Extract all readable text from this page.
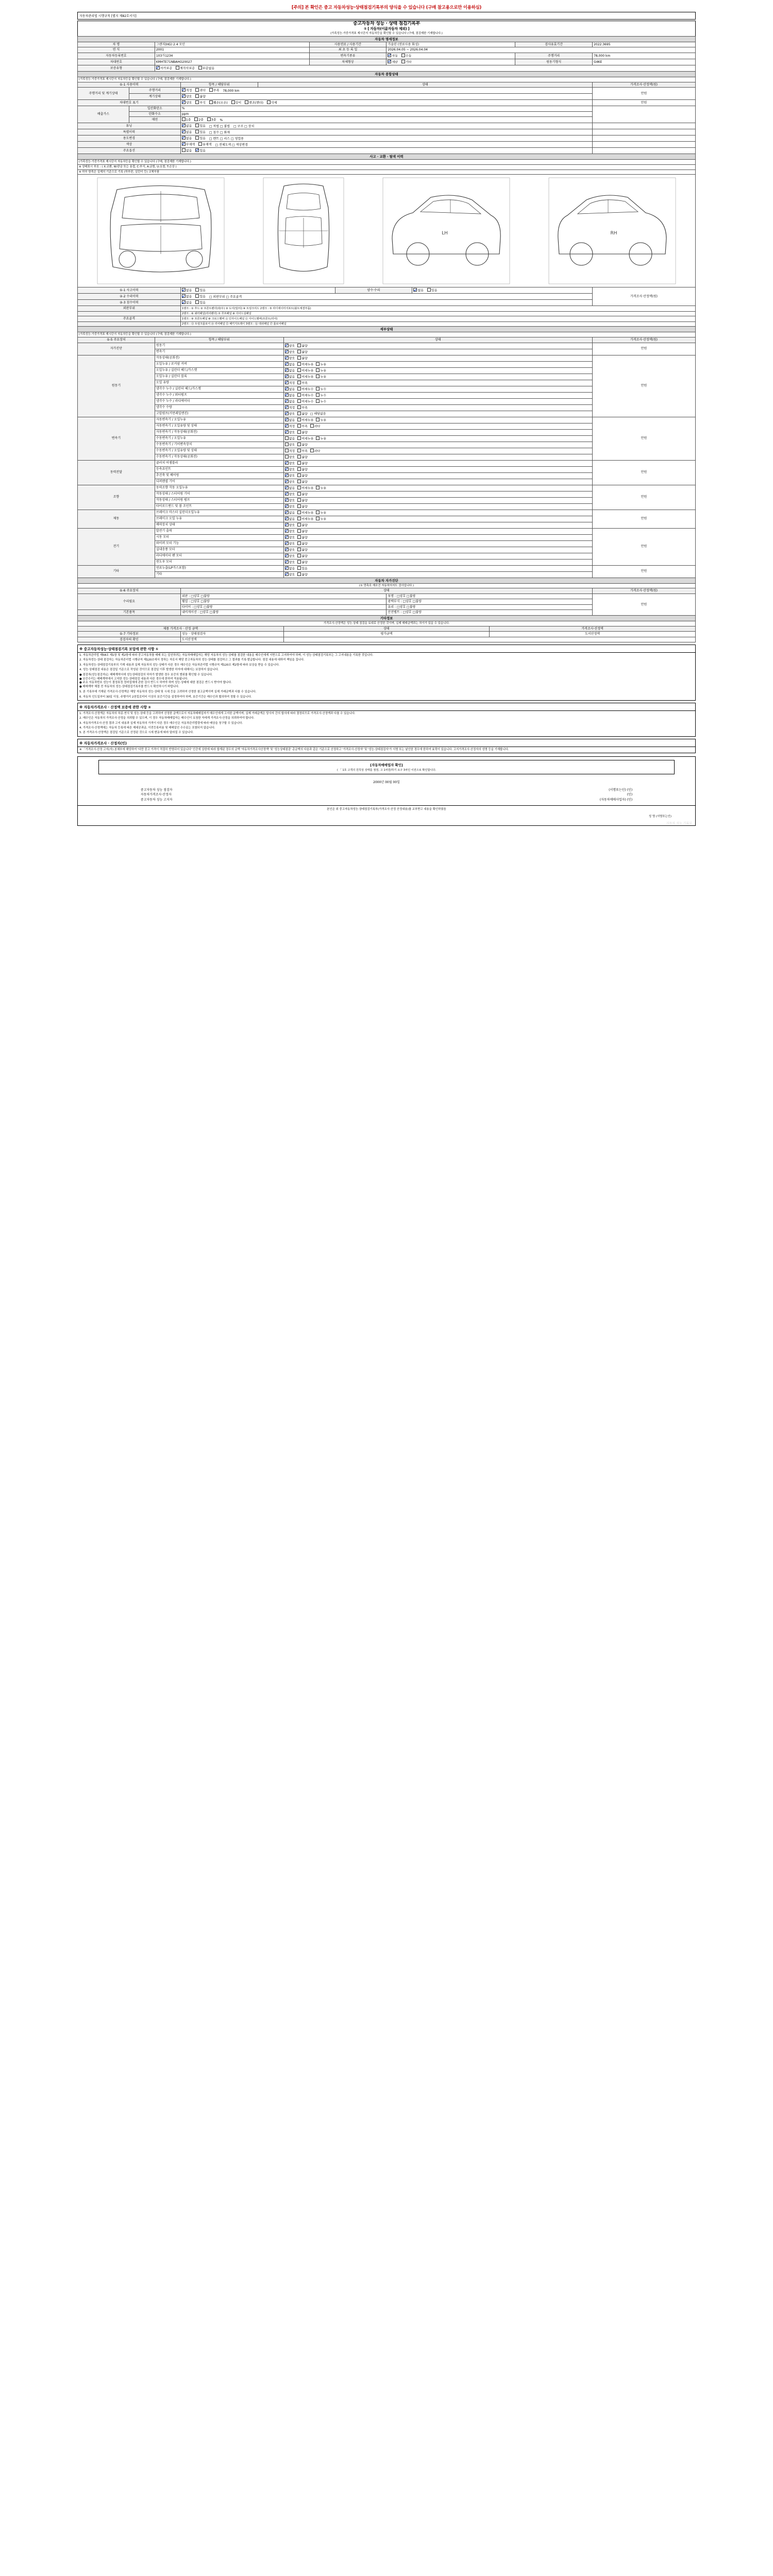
[주의] 본 확인은 중고 자동차성능·상태점검기록부의 양식을 수 있습니다 (구매 참고용으로만 이용하심)
자동차관리법 시행규칙 [별지 제82호서식]
중고자동차 성능 · 상태 점검기록부
① [ 자동차(이륜자동차 제외) ]
(가족성능·가중가격표 제시단지 자동차등을 확인할 수 있습니다 (구매, 점검제한 기재합니다.)												

자동차 명세정보												
차 명		그랜저(HG) 2.4 모던				사용연료 / 사용기간		가솔린 (연료사용 화성)			검사유효기간	2022.3695
연 식		2001				최 초 등 록 일		2026.04.05 ~ 2026.04.04				
자동차등록번호		103가1234				변속기종류		자동 수동			주행거리	78,000 km
차대번호		KMHTE71NBAHO20027				차체형상		세단 기타			원동기형식	G4KE
보증유형		자가보증 제작사보증 보증없음										
자동차 종합상태												
(가족성능·가중가격표 제시단지 자동차등을 확인할 수 있습니다 (구매, 점검제한 기재합니다.)												
①-1 사용이력			항목 / 해당부위	상태								가격조사·산정액(원)
주행거리 및 계기상태	주행거리		적정 과다 부족 78,000 km									만원
	계기상태		양호 불량									
차대번호 표기			양호 부식 훼손(오손) 상이 변조(변타) 삭제									만원
배출가스	일산화탄소		%									
	탄화수소		ppm									
	매연		1종 2종 3종 %									
튜닝			없음 있음 □ 적법 □ 불법 □ 구조 □ 장치									
특별이력			없음 있음 □ 침수 □ 화재									
용도변경			없음 있음 □ 렌트 □ 리스 □ 영업용									
색상			무채색 유채색 □ 전체도색 □ 색상변경									
주요옵션			없음 있음									
사고 · 교환 · 탈색 이력												
(가족성능·가중가격표 제시단지 자동차등을 확인할 수 있습니다 (구매, 점검제한 기재합니다.)												
※ 상태표시 부호 : ( X:교환, W:판금 또는 용접, C:부식, A:긁힘, U:요철, T:손상 )												
※ 하부 항목은 실제의 기준으로 기록 (하부판, 실린더 등) 교체부품												

LH RH												

①-1 사고이력			없음 있음				양수·수리		없음 있음			가격조사·산정액(원)
②-2 수리이력			없음 있음 □ 외판부위 □ 주요골격									
②-3 침수이력			없음 있음									
외판부위			1랭크 : ① 후드 ② 프론트펜더(좌/우) ③ 도어(앞/뒤) ④ 트렁크리드 2랭크 : ⑤ 라디에이터서포트(볼트체결부품)									
			2랭크 : ⑥ 쿼터패널(리어펜더) ⑦ 루프패널 ⑧ 사이드실패널									
주요골격			1랭크 : ⑨ 프론트패널 ⑩ 크로스멤버 ⑪ 인사이드패널 ⑫ 사이드멤버(프론트/리어)									
			2랭크 : ⑬ 트렁크플로어 ⑭ 리어패널 ⑮ 패키지트레이 3랭크 : ⑯ 데쉬패널 ⑰ 플로어패널									
세부상태												
(가족성능·가중가격표 제시단지 자동차등을 확인할 수 있습니다 (구매, 점검제한 기재합니다.)												
①-5 주요장치		항목 / 해당부위			상태							가격조사·산정액(원)
자가진단		원동기			양호 불량							만원
		변속기			양호 불량							
원동기		작동상태(공회전)			양호 불량							만원
		오일누유 / 로커암 커버			없음 미세누유 누유							
		오일누유 / 실린더 헤드/가스켓			없음 미세누유 누유							
		오일누유 / 실린더 블록			없음 미세누유 누유							
		오일 유량			적정 부족							
		냉각수 누수 / 실린더 헤드/가스켓			없음 미세누수 누수							
		냉각수 누수 / 워터펌프			없음 미세누수 누수							
		냉각수 누수 / 라디에이터			없음 미세누수 누수							
		냉각수 수량			적정 부족							
		고압펌프(커먼레일엔진)			양호 불량 □ 해당없음							
변속기		자동변속기 / 오일누유			없음 미세누유 누유							만원
		자동변속기 / 오일유량 및 상태			적정 부족 과다							
		자동변속기 / 작동상태(공회전)			양호 불량							
		수동변속기 / 오일누유			없음 미세누유 누유							
		수동변속기 / 기어변속장치			양호 불량							
		수동변속기 / 오일유량 및 상태			적정 부족 과다							
		수동변속기 / 작동상태(공회전)			양호 불량							
동력전달		클러치 어셈블리			양호 불량							만원
		등속죠인트			양호 불량							
		추진축 및 베어링			양호 불량							
		디퍼렌셜 기어			양호 불량							
조향		동력조향 작동 오일누유			없음 미세누유 누유							만원
		작동상태 / 스티어링 기어			양호 불량							
		작동상태 / 스티어링 펌프			양호 불량							
		타이로드엔드 및 볼 조인트			양호 불량							
제동		브레이크 마스터 실린더오일누유			없음 미세누유 누유							만원
		브레이크 오일 누유			없음 미세누유 누유							
		배력장치 상태			양호 불량							
전기		발전기 출력			양호 불량							만원
		시동 모터			양호 불량							
		와이퍼 모터 기능			양호 불량							
		실내송풍 모터			양호 불량							
		라디에이터 팬 모터			양호 불량							
		윈도우 모터			양호 불량							
기타		연료누출(LP가스포함)			없음 있음							만원
		기타			양호 불량							
자동차 자가진단												
(① 망측로 재조건 자동차의지도 검사입니다.)												
①-6 주요장치			상태									가격조사·산정액(원)
수리필요			외판 : □양호 □불량					투명 : □양호 □불량				만원
			휠얼 : □양호 □불량					광택부식 : □양호 □불량				
			타이어 : □양호 □불량					유리 : □양호 □불량				
기본품목			내비게이션 : □양호 □불량					안전벨트 : □양호 □불량				
기타정보												
가격조사·산정액은 성능·상태 점검을 토대로 산정한 것이며, 실제 매매금액과는 차이가 있을 수 있습니다.												
제품 가격조사 · 산정 금액					상태					가격조사·산정액		
①-7 기타정보			성능 · 상태점검자		평가금액					도서산정액		
검검자의 확인			도서산정액									
※ 중고자동차성능·상태점검기록 보업에 관한 사항 ①
1. 자동차관리법 제58조 제1항 및 제2항에 따라 중고자동차를 매매 또는 알선하려는 자동차매매업자는 해당 자동차의 성능·상태를 점검한 내용을 매수인에게 서면으로 고지하여야 하며, 이 성능·상태점검기록부는 그 고지내용을 기록한 것입니다.
2. 자동차성능·상태 점검자는 자동차관리법 시행규칙 제120조에서 정하는 자로서 해당 중고자동차의 성능·상태를 점검하고 그 결과를 기록·발급합니다. 점검 내용에 대하여 책임을 집니다.
3. 자동차성능·상태점검기록부의 기재 내용과 실제 자동차의 성능·상태가 다른 경우 매수인은 자동차관리법 시행규칙 제120조 제2항에 따라 보상을 받을 수 있습니다.
4. 성능·상태점검 내용은 점검일 기준으로 작성된 것이므로 점검일 이후 발생한 하자에 대해서는 보장하지 않습니다.
● 점검자(성능점검자)는 매매계약서에 성능상태점검의 하자가 발생한 경우 보증의 범위를 확인할 수 있습니다.
● 보증수리는 매매계약에서 고지한 성능·상태점검 내용과 다른 경우에 한하여 적용됩니다.
● 주요 자동차번호 성능이 결정표정 정비업체에 관한 검사 반드시 하여야 하며 성능·상태에 대한 점검은 반드시 받아야 합니다.
● 매매계약 체결 전 자동차의 성능·상태점검기록부를 반드시 확인하시기 바랍니다.
5. 본 기록부에 기재된 가격조사·산정액은 해당 자동차의 성능·상태 및 시세 등을 고려하여 산정한 참고금액이며 실제 거래금액과 다를 수 있습니다.
6. 자동차 인도일부터 30일 이상, 주행거리 2천킬로미터 이상의 보증기간을 설정하여야 하며, 보증기간은 매수인과 협의하여 정할 수 있습니다.
※ 자동차가격조사 · 산정액 보증에 관한 사항 ②
1. 가격조사·산정액은 자동차의 차종·연식 및 성능·상태 등을 고려하여 산정한 금액으로서 자동차매매업자가 매수인에게 고지한 금액이며, 실제 거래금액은 당사자 간의 합의에 따라 결정되므로 가격조사·산정액과 다를 수 있습니다.
2. 매수인은 자동차의 가격조사·산정을 의뢰할 수 있으며, 이 경우 자동차매매업자는 매수인이 요청한 자에게 가격조사·산정을 의뢰하여야 합니다.
3. 자동차가격조사·산정 결과 고지 내용과 실제 자동차의 가격이 다른 경우 매수인은 자동차관리법령에 따라 배상을 청구할 수 있습니다.
4. 가격조사·산정액에는 자동차 등록에 따른 제세공과금, 이전등록비용 및 매매알선 수수료는 포함되지 않습니다.
5. 본 가격조사·산정액은 점검일 기준으로 산정된 것으로 시세 변동에 따라 달라질 수 있습니다.
※ 자동차가격조사 · 산정자(인)
※ 「가격조사·산정 고지(자) 본체부에 해당하여 '다만 중고 가격이 적절히 반영되어 있습니다' 인증에 상한에 따라 합계된 경우의 금액 '자동차가격조사산정액' 및 '성능상태점검' 총금액의 다음과 같은 기준으로 산정하고 '가격조사·산정자' 및 '성능·상태점검자'가 서명 또는 날인한 경우에 한하여 효력이 있습니다. 고지가격조사·산정자의 성명 등을 기재합니다.
[자동차매매업자 확인]
( 「 1호 고객의 원칙상 상태를 점검, 고 1차원/하기 요구 3차인 이전으로 확인합니다.
2000년 00월 00일
중고자동차 성능 점검자	(서명또는인) (인)
자동차가격조사·산정자	(인)
중고자동차 성능 고지자	(자동차매매사업자) (인)
본인은 위 중고자동차성능·상태점검기록부(가격조사·산정 산정내용)를 교부받고 내용을 확인하였음
성 명 (서명또는인)
자동차 성능 기록부
